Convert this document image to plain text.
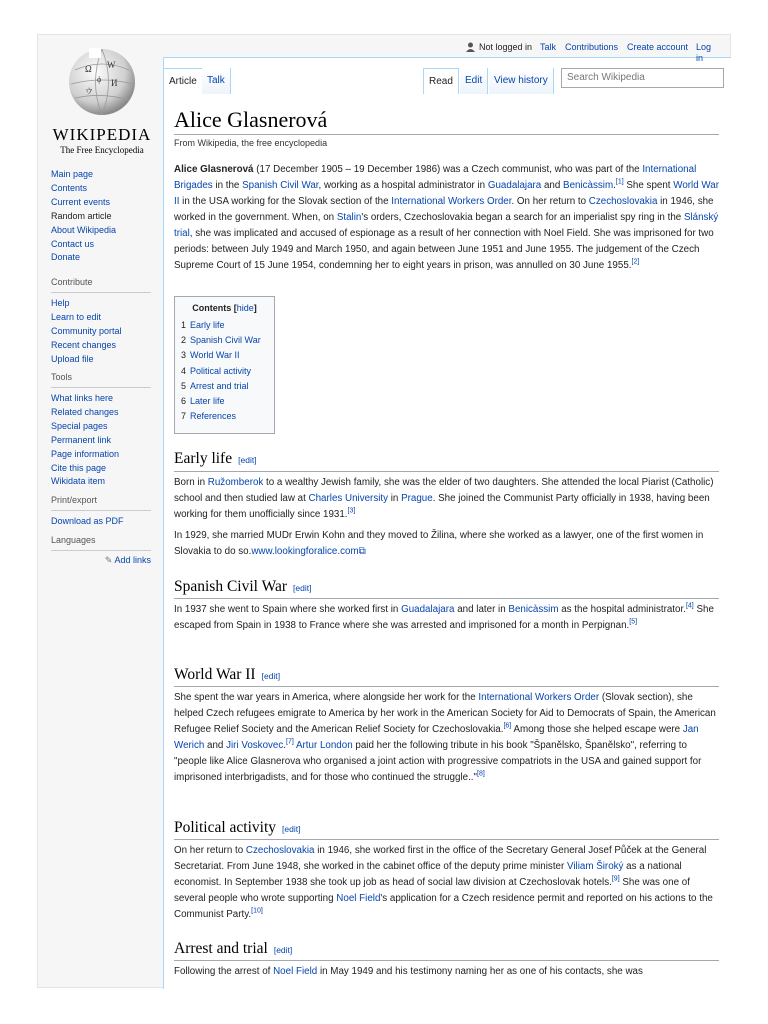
Ω W
И
ウ
ϕ
WIKIPEDIA
The Free Encyclopedia
Not logged in Talk Contributions Create account Log in
Article	Talk	Read	Edit	View history	Search Wikipedia
Main page
Contents
Current events
Random article
About Wikipedia
Contact us
Donate
Contribute
Help
Learn to edit
Community portal
Recent changes
Upload file
Tools
What links here
Related changes
Special pages
Permanent link
Page information
Cite this page
Wikidata item
Print/export
Download as PDF
Languages
✎ Add links
Alice Glasnerová
From Wikipedia, the free encyclopedia
Alice Glasnerová (17 December 1905 – 19 December 1986) was a Czech communist, who was part of the International Brigades in the Spanish Civil War, working as a hospital administrator in Guadalajara and Benicàssim.[1] She spent World War II in the USA working for the Slovak section of the International Workers Order. On her return to Czechoslovakia in 1946, she worked in the government. When, on Stalin's orders, Czechoslovakia began a search for an imperialist spy ring in the Slánský trial, she was implicated and accused of espionage as a result of her connection with Noel Field. She was imprisoned for two periods: between July 1949 and March 1950, and again between June 1951 and June 1955. The judgement of the Czech Supreme Court of 15 June 1954, condemning her to eight years in prison, was annulled on 30 June 1955.[2]
Contents [hide]
1 Early life
2 Spanish Civil War
3 World War II
4 Political activity
5 Arrest and trial
6 Later life
7 References
Early life [edit]
Born in Ružomberok to a wealthy Jewish family, she was the elder of two daughters. She attended the local Piarist (Catholic) school and then studied law at Charles University in Prague. She joined the Communist Party officially in 1938, having been working for them unofficially since 1931.[3]
In 1929, she married MUDr Erwin Kohn and they moved to Žilina, where she worked as a lawyer, one of the first women in Slovakia to do so.www.lookingforalice.com⧉
Spanish Civil War [edit]
In 1937 she went to Spain where she worked first in Guadalajara and later in Benicàssim as the hospital administrator.[4] She escaped from Spain in 1938 to France where she was arrested and imprisoned for a month in Perpignan.[5]
World War II [edit]
She spent the war years in America, where alongside her work for the International Workers Order (Slovak section), she helped Czech refugees emigrate to America by her work in the American Society for Aid to Democrats of Spain, the American Refugee Relief Society and the American Relief Society for Czechoslovakia.[6] Among those she helped escape were Jan Werich and Jiri Voskovec.[7] Artur London paid her the following tribute in his book "Španělsko, Španělsko", referring to "people like Alice Glasnerova who organised a joint action with progressive compatriots in the USA and gained support for imprisoned interbrigadists, and for those who continued the struggle.."[8]
Political activity [edit]
On her return to Czechoslovakia in 1946, she worked first in the office of the Secretary General Josef Půček at the General Secretariat. From June 1948, she worked in the cabinet office of the deputy prime minister Viliam Široký as a national economist. In September 1938 she took up job as head of social law division at Czechoslovak hotels.[9] She was one of several people who wrote supporting Noel Field's application for a Czech residence permit and reported on his actions to the Communist Party.[10]
Arrest and trial [edit]
Following the arrest of Noel Field in May 1949 and his testimony naming her as one of his contacts, she was
